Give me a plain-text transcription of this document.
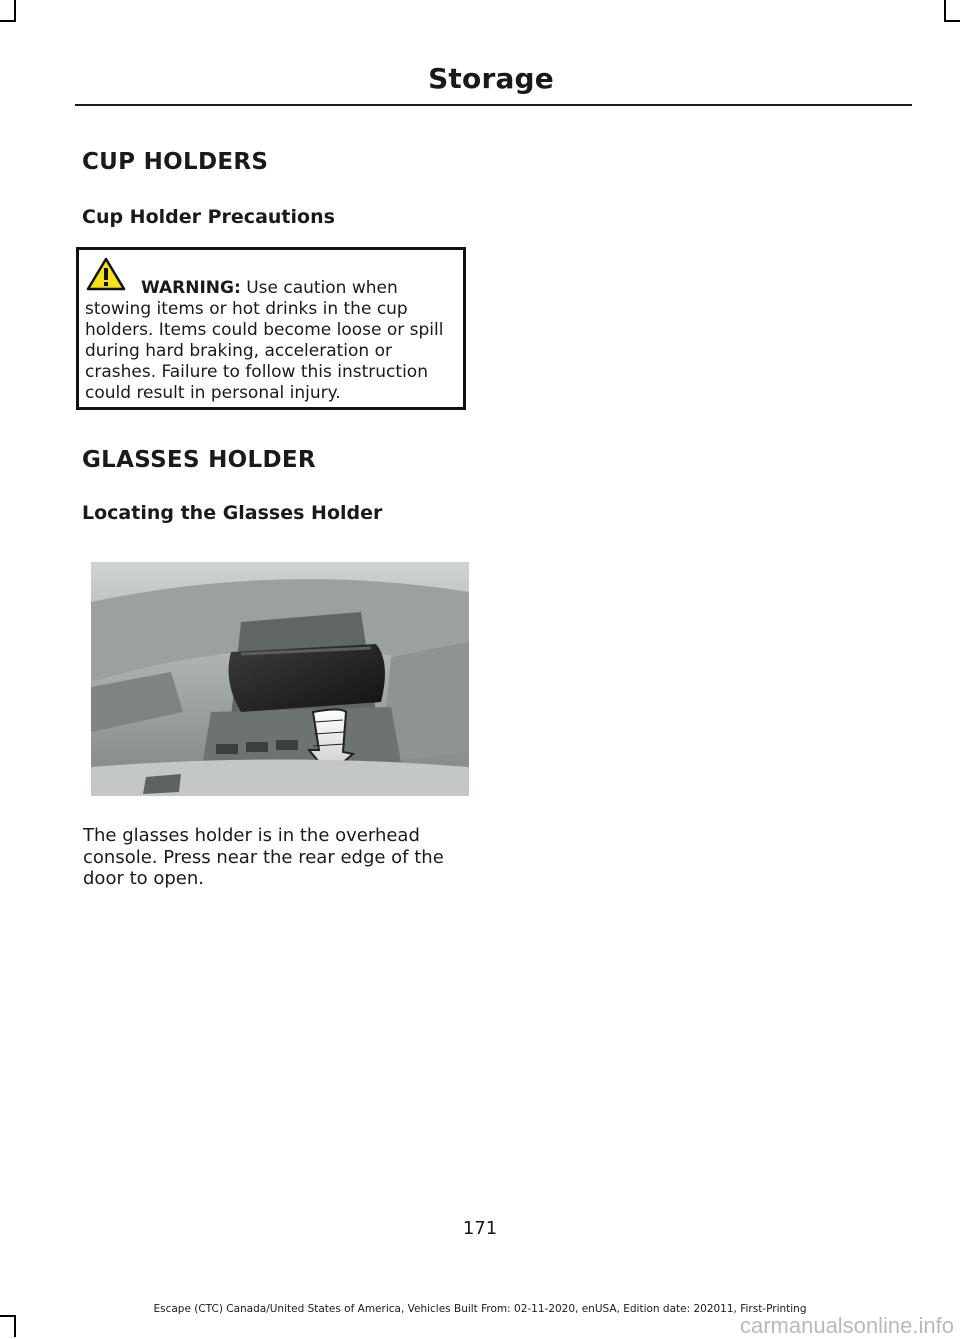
Storage
CUP HOLDERS
Cup Holder Precautions
WARNING: Use caution when stowing items or hot drinks in the cup holders. Items could become loose or spill during hard braking, acceleration or crashes. Failure to follow this instruction could result in personal injury.
GLASSES HOLDER
Locating the Glasses Holder
The glasses holder is in the overhead console. Press near the rear edge of the door to open.
171
Escape (CTC) Canada/United States of America, Vehicles Built From: 02-11-2020, enUSA, Edition date: 202011, First-Printing
carmanualsonline.info
